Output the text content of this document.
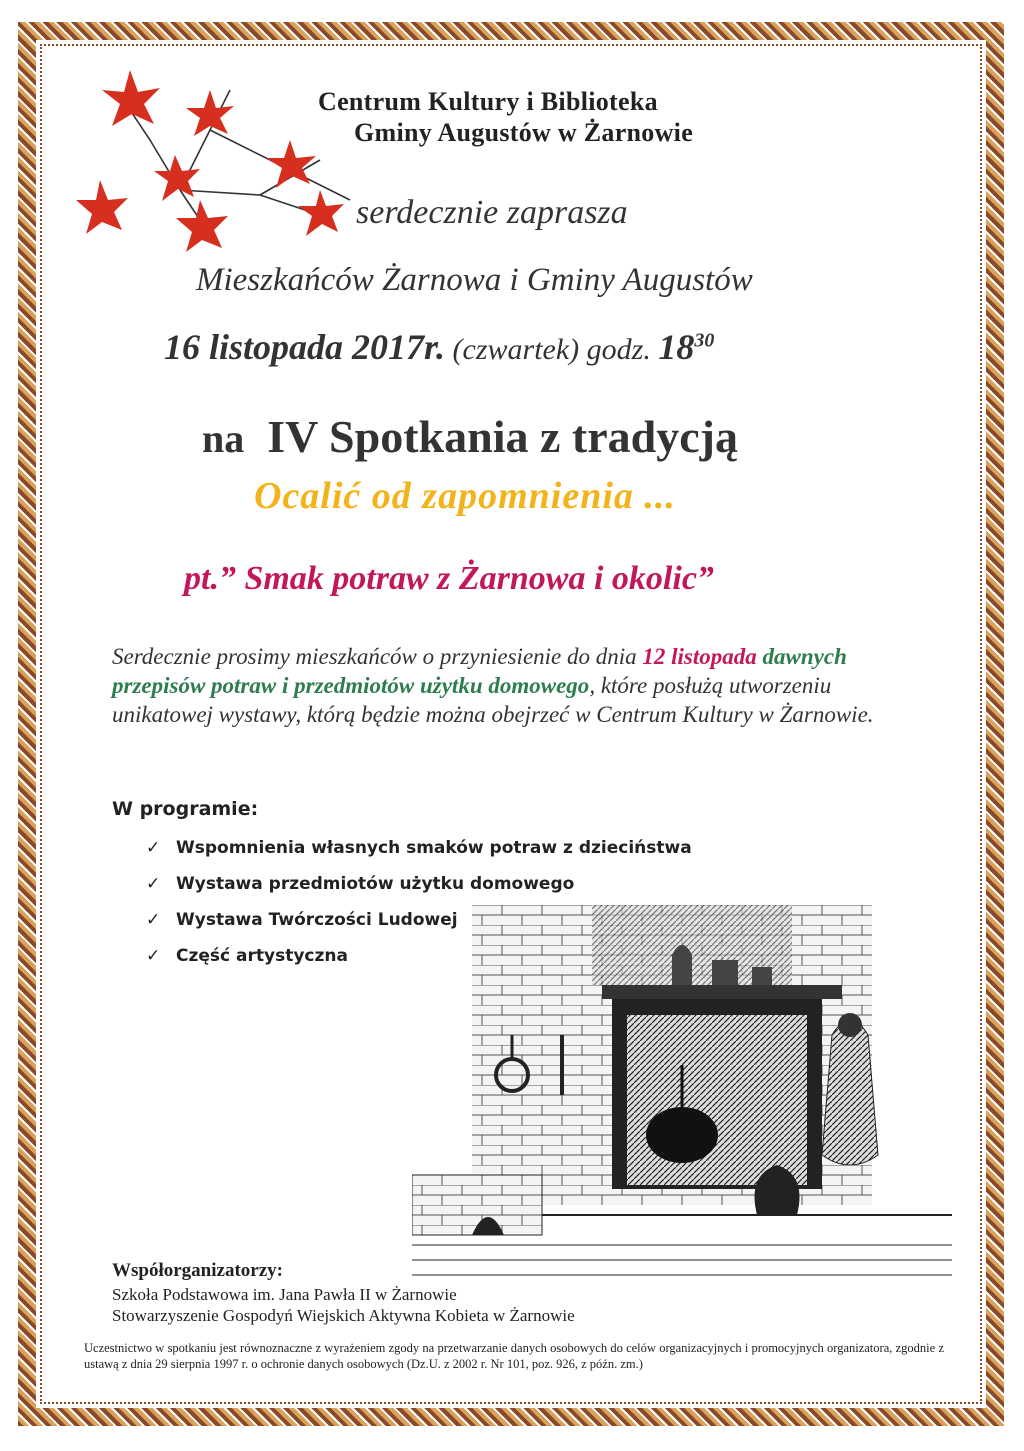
Centrum Kultury i Biblioteka
Gminy Augustów w Żarnowie
serdecznie zaprasza
Mieszkańców Żarnowa i Gminy Augustów
16 listopada 2017r. (czwartek) godz. $18^{30}$
na IV Spotkania z tradycją
Ocalić od zapomnienia ...
pt.” Smak potraw z Żarnowa i okolic”
Serdecznie prosimy mieszkańców o przyniesienie do dnia 12 listopada dawnych przepisów potraw i przedmiotów użytku domowego, które posłużą utworzeniu unikatowej wystawy, którą będzie można obejrzeć w Centrum Kultury w Żarnowie.
W programie:
✓ Wspomnienia własnych smaków potraw z dzieciństwa
✓ Wystawa przedmiotów użytku domowego
✓ Wystawa Twórczości Ludowej
✓ Część artystyczna
Współorganizatorzy:
Szkoła Podstawowa im. Jana Pawła II w Żarnowie
Stowarzyszenie Gospodyń Wiejskich Aktywna Kobieta w Żarnowie
Uczestnictwo w spotkaniu jest równoznaczne z wyrażeniem zgody na przetwarzanie danych osobowych do celów organizacyjnych i promocyjnych organizatora, zgodnie z ustawą z dnia 29 sierpnia 1997 r. o ochronie danych osobowych (Dz.U. z 2002 r. Nr 101, poz. 926, z późn. zm.)
